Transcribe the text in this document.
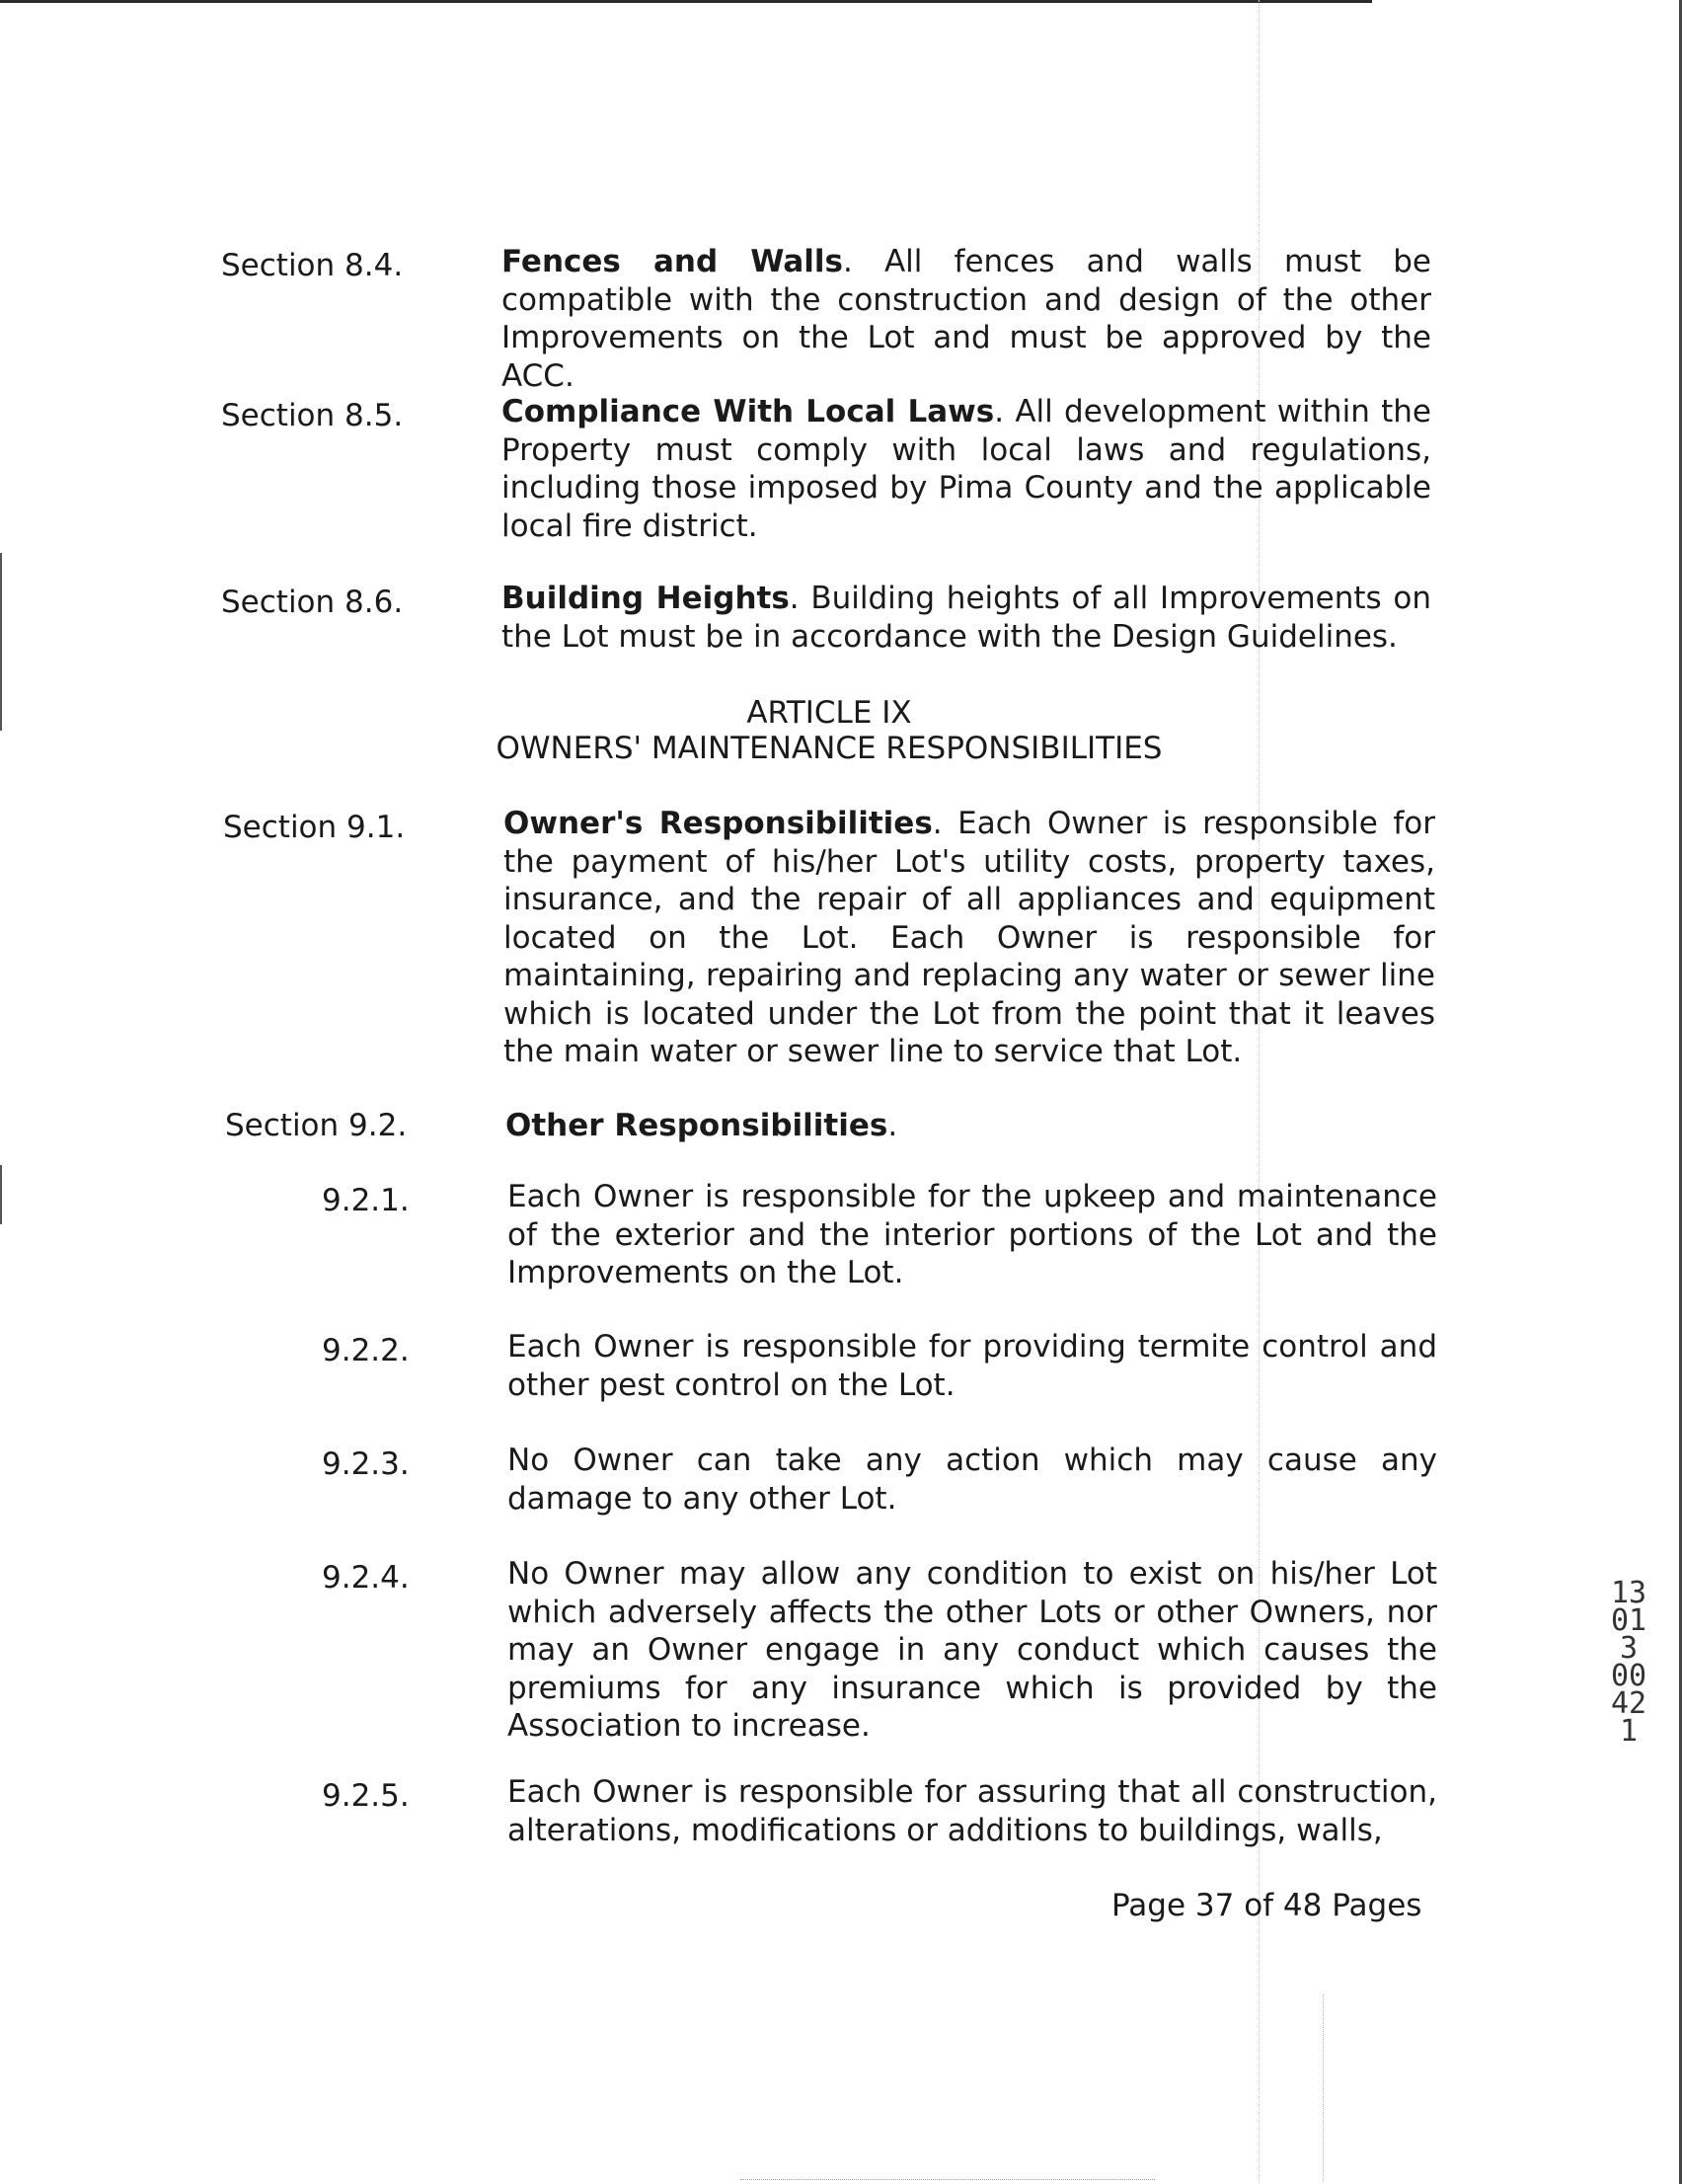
Section 8.4.	Fences and Walls. All fences and walls must be compatible with the construction and design of the other Improvements on the Lot and must be approved by the ACC.
Section 8.5.	Compliance With Local Laws. All development within the Property must comply with local laws and regulations, including those imposed by Pima County and the applicable local fire district.
Section 8.6.	Building Heights. Building heights of all Improvements on the Lot must be in accordance with the Design Guidelines.
ARTICLE IX
OWNERS' MAINTENANCE RESPONSIBILITIES
Section 9.1.	Owner's Responsibilities. Each Owner is responsible for the payment of his/her Lot's utility costs, property taxes, insurance, and the repair of all appliances and equipment located on the Lot. Each Owner is responsible for maintaining, repairing and replacing any water or sewer line which is located under the Lot from the point that it leaves the main water or sewer line to service that Lot.
Section 9.2.	Other Responsibilities.
9.2.1.	Each Owner is responsible for the upkeep and maintenance of the exterior and the interior portions of the Lot and the Improvements on the Lot.
9.2.2.	Each Owner is responsible for providing termite control and other pest control on the Lot.
9.2.3.	No Owner can take any action which may cause any damage to any other Lot.
9.2.4.	No Owner may allow any condition to exist on his/her Lot which adversely affects the other Lots or other Owners, nor may an Owner engage in any conduct which causes the premiums for any insurance which is provided by the Association to increase.
9.2.5.	Each Owner is responsible for assuring that all construction, alterations, modifications or additions to buildings, walls,
Page 37 of 48 Pages
13013 00421
